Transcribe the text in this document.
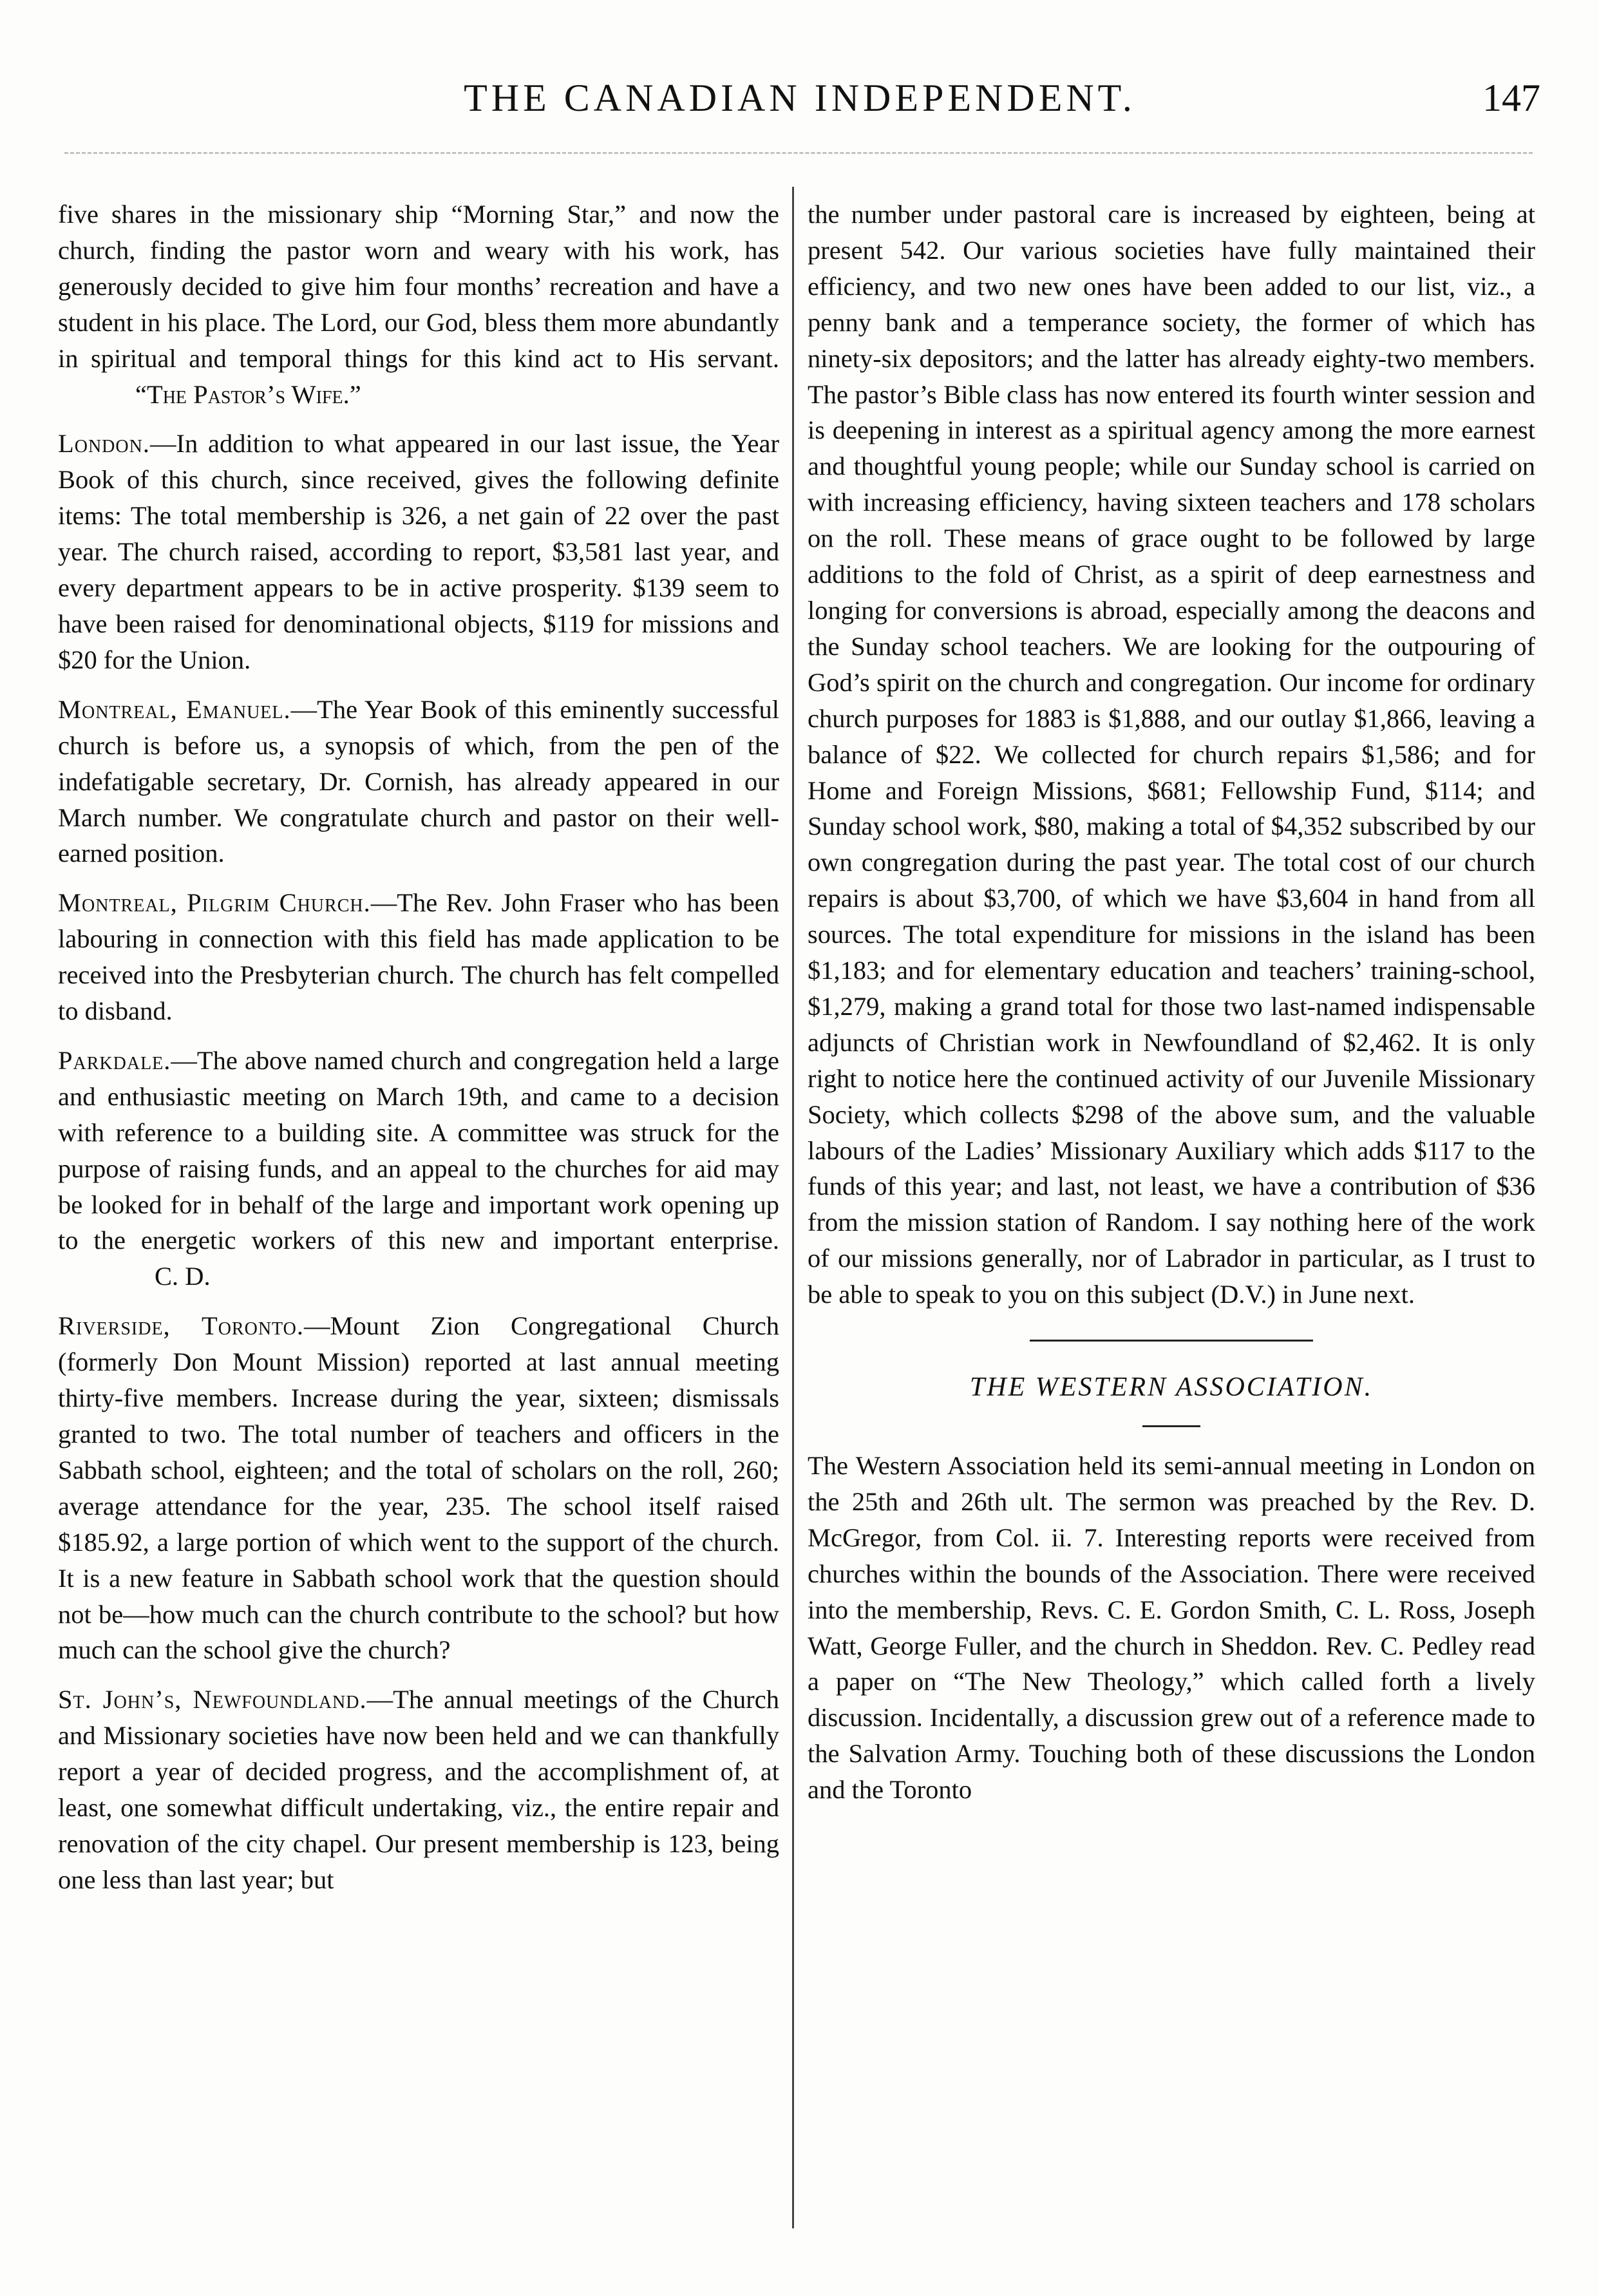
THE CANADIAN INDEPENDENT.	147

five shares in the missionary ship “Morning Star,” and now the church, finding the pastor worn and weary with his work, has generously decided to give him four months’ recreation and have a student in his place. The Lord, our God, bless them more abundantly in spiritual and temporal things for this kind act to His servant. “The Pastor’s Wife.”

London.—In addition to what appeared in our last issue, the Year Book of this church, since received, gives the following definite items: The total membership is 326, a net gain of 22 over the past year. The church raised, according to report, $3,581 last year, and every department appears to be in active prosperity. $139 seem to have been raised for denominational objects, $119 for missions and $20 for the Union.

Montreal, Emanuel.—The Year Book of this eminently successful church is before us, a synopsis of which, from the pen of the indefatigable secretary, Dr. Cornish, has already appeared in our March number. We congratulate church and pastor on their well-earned position.

Montreal, Pilgrim Church.—The Rev. John Fraser who has been labouring in connection with this field has made application to be received into the Presbyterian church. The church has felt compelled to disband.

Parkdale.—The above named church and congregation held a large and enthusiastic meeting on March 19th, and came to a decision with reference to a building site. A committee was struck for the purpose of raising funds, and an appeal to the churches for aid may be looked for in behalf of the large and important work opening up to the energetic workers of this new and important enterprise. C. D.

Riverside, Toronto.—Mount Zion Congregational Church (formerly Don Mount Mission) reported at last annual meeting thirty-five members. Increase during the year, sixteen; dismissals granted to two. The total number of teachers and officers in the Sabbath school, eighteen; and the total of scholars on the roll, 260; average attendance for the year, 235. The school itself raised $185.92, a large portion of which went to the support of the church. It is a new feature in Sabbath school work that the question should not be—how much can the church contribute to the school? but how much can the school give the church?

St. John’s, Newfoundland.—The annual meetings of the Church and Missionary societies have now been held and we can thankfully report a year of decided progress, and the accomplishment of, at least, one somewhat difficult undertaking, viz., the entire repair and renovation of the city chapel. Our present membership is 123, being one less than last year; but

the number under pastoral care is increased by eighteen, being at present 542. Our various societies have fully maintained their efficiency, and two new ones have been added to our list, viz., a penny bank and a temperance society, the former of which has ninety-six depositors; and the latter has already eighty-two members. The pastor’s Bible class has now entered its fourth winter session and is deepening in interest as a spiritual agency among the more earnest and thoughtful young people; while our Sunday school is carried on with increasing efficiency, having sixteen teachers and 178 scholars on the roll. These means of grace ought to be followed by large additions to the fold of Christ, as a spirit of deep earnestness and longing for conversions is abroad, especially among the deacons and the Sunday school teachers. We are looking for the outpouring of God’s spirit on the church and congregation. Our income for ordinary church purposes for 1883 is $1,888, and our outlay $1,866, leaving a balance of $22. We collected for church repairs $1,586; and for Home and Foreign Missions, $681; Fellowship Fund, $114; and Sunday school work, $80, making a total of $4,352 subscribed by our own congregation during the past year. The total cost of our church repairs is about $3,700, of which we have $3,604 in hand from all sources. The total expenditure for missions in the island has been $1,183; and for elementary education and teachers’ training-school, $1,279, making a grand total for those two last-named indispensable adjuncts of Christian work in Newfoundland of $2,462. It is only right to notice here the continued activity of our Juvenile Missionary Society, which collects $298 of the above sum, and the valuable labours of the Ladies’ Missionary Auxiliary which adds $117 to the funds of this year; and last, not least, we have a contribution of $36 from the mission station of Random. I say nothing here of the work of our missions generally, nor of Labrador in particular, as I trust to be able to speak to you on this subject (D.V.) in June next.

THE WESTERN ASSOCIATION.

The Western Association held its semi-annual meeting in London on the 25th and 26th ult. The sermon was preached by the Rev. D. McGregor, from Col. ii. 7. Interesting reports were received from churches within the bounds of the Association. There were received into the membership, Revs. C. E. Gordon Smith, C. L. Ross, Joseph Watt, George Fuller, and the church in Sheddon. Rev. C. Pedley read a paper on “The New Theology,” which called forth a lively discussion. Incidentally, a discussion grew out of a reference made to the Salvation Army. Touching both of these discussions the London and the Toronto
